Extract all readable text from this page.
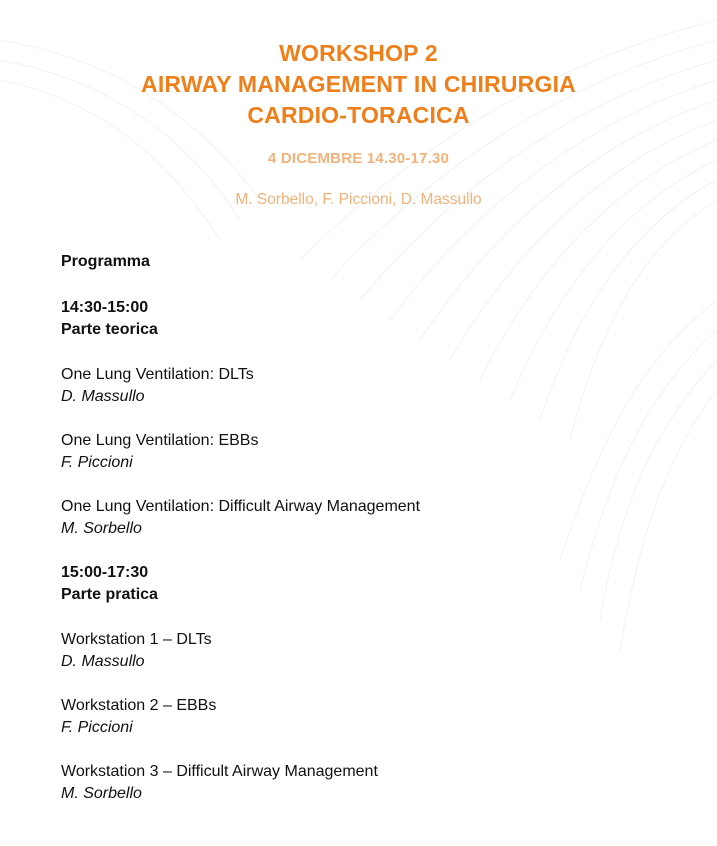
WORKSHOP 2
AIRWAY MANAGEMENT IN CHIRURGIA
CARDIO-TORACICA
4 DICEMBRE 14.30-17.30
M. Sorbello, F. Piccioni, D. Massullo
Programma
14:30-15:00
Parte teorica
One Lung Ventilation: DLTs
D. Massullo
One Lung Ventilation: EBBs
F. Piccioni
One Lung Ventilation: Difficult Airway Management
M. Sorbello
15:00-17:30
Parte pratica
Workstation 1 – DLTs
D. Massullo
Workstation 2 – EBBs
F. Piccioni
Workstation 3 – Difficult Airway Management
M. Sorbello
